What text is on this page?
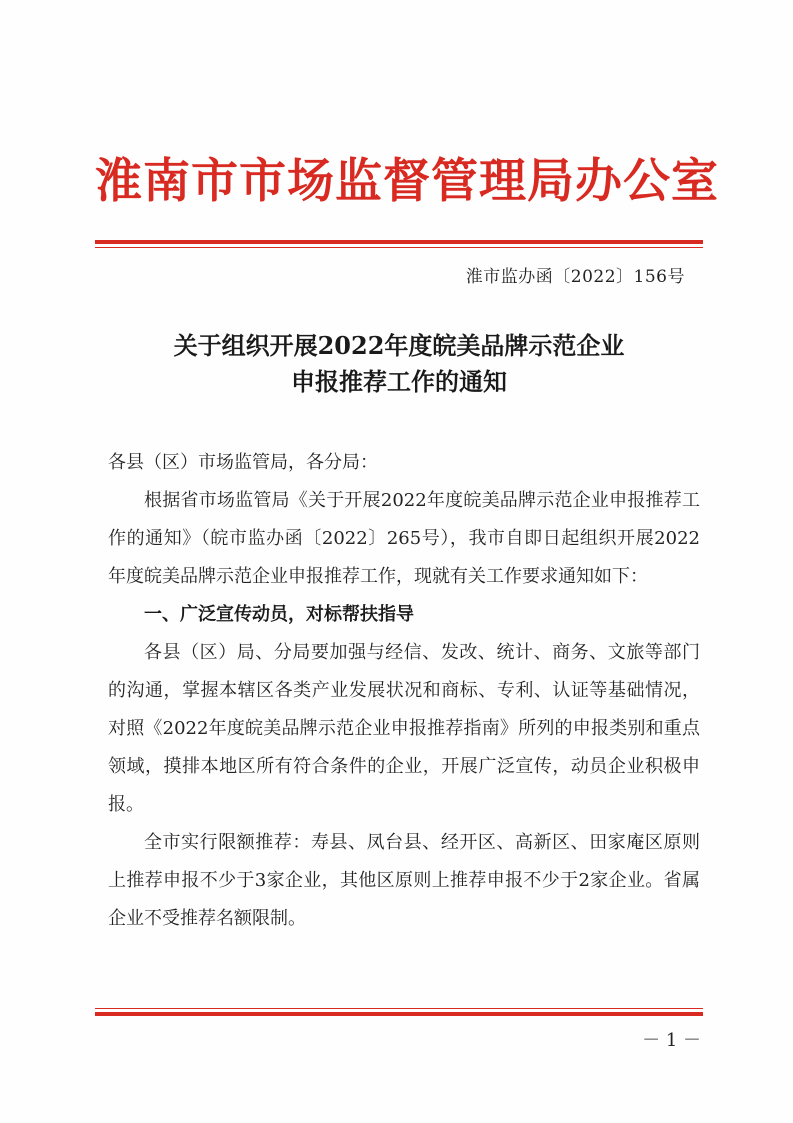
淮南市市场监督管理局办公室
淮市监办函〔2022〕156号
关于组织开展2022年度皖美品牌示范企业
申报推荐工作的通知

各县（区）市场监管局，各分局：

根据省市场监管局《关于开展2022年度皖美品牌示范企业申报推荐工作的通知》（皖市监办函〔2022〕265号），我市自即日起组织开展2022年度皖美品牌示范企业申报推荐工作，现就有关工作要求通知如下：

一、广泛宣传动员，对标帮扶指导

各县（区）局、分局要加强与经信、发改、统计、商务、文旅等部门的沟通，掌握本辖区各类产业发展状况和商标、专利、认证等基础情况，对照《2022年度皖美品牌示范企业申报推荐指南》所列的申报类别和重点领域，摸排本地区所有符合条件的企业，开展广泛宣传，动员企业积极申报。

全市实行限额推荐：寿县、凤台县、经开区、高新区、田家庵区原则上推荐申报不少于3家企业，其他区原则上推荐申报不少于2家企业。省属企业不受推荐名额限制。

－ 1 －
